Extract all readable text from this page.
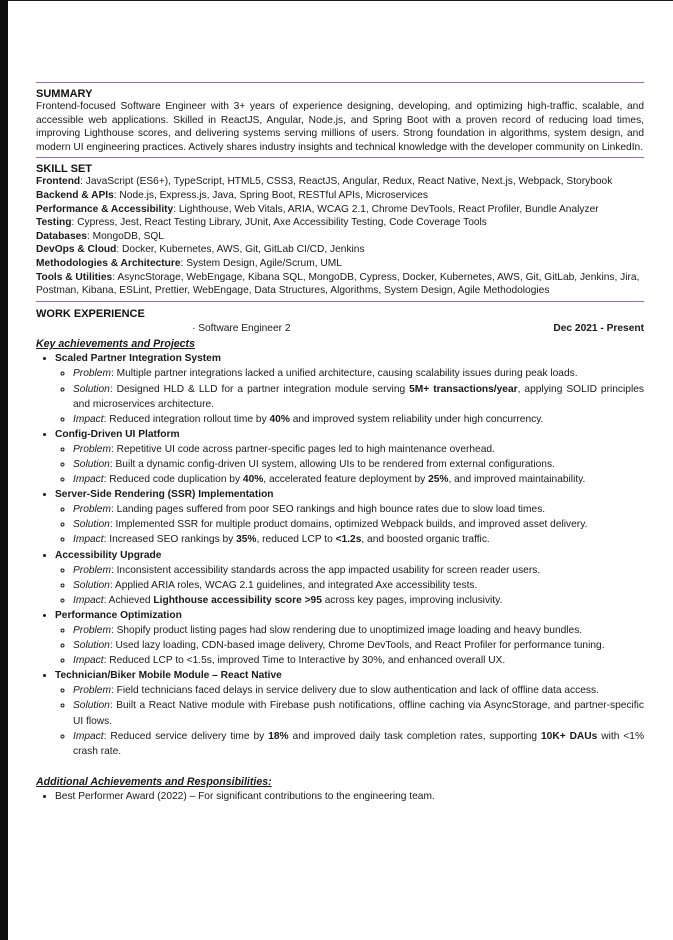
SUMMARY

Frontend-focused Software Engineer with 3+ years of experience designing, developing, and optimizing high-traffic, scalable, and accessible web applications. Skilled in ReactJS, Angular, Node.js, and Spring Boot with a proven record of reducing load times, improving Lighthouse scores, and delivering systems serving millions of users. Strong foundation in algorithms, system design, and modern UI engineering practices. Actively shares industry insights and technical knowledge with the developer community on LinkedIn.

SKILL SET

Frontend: JavaScript (ES6+), TypeScript, HTML5, CSS3, ReactJS, Angular, Redux, React Native, Next.js, Webpack, Storybook

Backend & APIs: Node.js, Express.js, Java, Spring Boot, RESTful APIs, Microservices

Performance & Accessibility: Lighthouse, Web Vitals, ARIA, WCAG 2.1, Chrome DevTools, React Profiler, Bundle Analyzer

Testing: Cypress, Jest, React Testing Library, JUnit, Axe Accessibility Testing, Code Coverage Tools

Databases: MongoDB, SQL

DevOps & Cloud: Docker, Kubernetes, AWS, Git, GitLab CI/CD, Jenkins

Methodologies & Architecture: System Design, Agile/Scrum, UML

Tools & Utilities: AsyncStorage, WebEngage, Kibana SQL, MongoDB, Cypress, Docker, Kubernetes, AWS, Git, GitLab, Jenkins, Jira, Postman, Kibana, ESLint, Prettier, WebEngage, Data Structures, Algorithms, System Design, Agile Methodologies

WORK EXPERIENCE
· Software Engineer 2	Dec 2021 - Present
Key achievements and Projects
• Scaled Partner Integration System
◦ Problem: Multiple partner integrations lacked a unified architecture, causing scalability issues during peak loads.
◦ Solution: Designed HLD & LLD for a partner integration module serving 5M+ transactions/year, applying SOLID principles and microservices architecture.
◦ Impact: Reduced integration rollout time by 40% and improved system reliability under high concurrency.
• Config-Driven UI Platform
◦ Problem: Repetitive UI code across partner-specific pages led to high maintenance overhead.
◦ Solution: Built a dynamic config-driven UI system, allowing UIs to be rendered from external configurations.
◦ Impact: Reduced code duplication by 40%, accelerated feature deployment by 25%, and improved maintainability.
• Server-Side Rendering (SSR) Implementation
◦ Problem: Landing pages suffered from poor SEO rankings and high bounce rates due to slow load times.
◦ Solution: Implemented SSR for multiple product domains, optimized Webpack builds, and improved asset delivery.
◦ Impact: Increased SEO rankings by 35%, reduced LCP to <1.2s, and boosted organic traffic.
• Accessibility Upgrade
◦ Problem: Inconsistent accessibility standards across the app impacted usability for screen reader users.
◦ Solution: Applied ARIA roles, WCAG 2.1 guidelines, and integrated Axe accessibility tests.
◦ Impact: Achieved Lighthouse accessibility score >95 across key pages, improving inclusivity.
• Performance Optimization
◦ Problem: Shopify product listing pages had slow rendering due to unoptimized image loading and heavy bundles.
◦ Solution: Used lazy loading, CDN-based image delivery, Chrome DevTools, and React Profiler for performance tuning.
◦ Impact: Reduced LCP to <1.5s, improved Time to Interactive by 30%, and enhanced overall UX.
• Technician/Biker Mobile Module – React Native
◦ Problem: Field technicians faced delays in service delivery due to slow authentication and lack of offline data access.
◦ Solution: Built a React Native module with Firebase push notifications, offline caching via AsyncStorage, and partner-specific UI flows.
◦ Impact: Reduced service delivery time by 18% and improved daily task completion rates, supporting 10K+ DAUs with <1% crash rate.
Additional Achievements and Responsibilities:
• Best Performer Award (2022) – For significant contributions to the engineering team.
